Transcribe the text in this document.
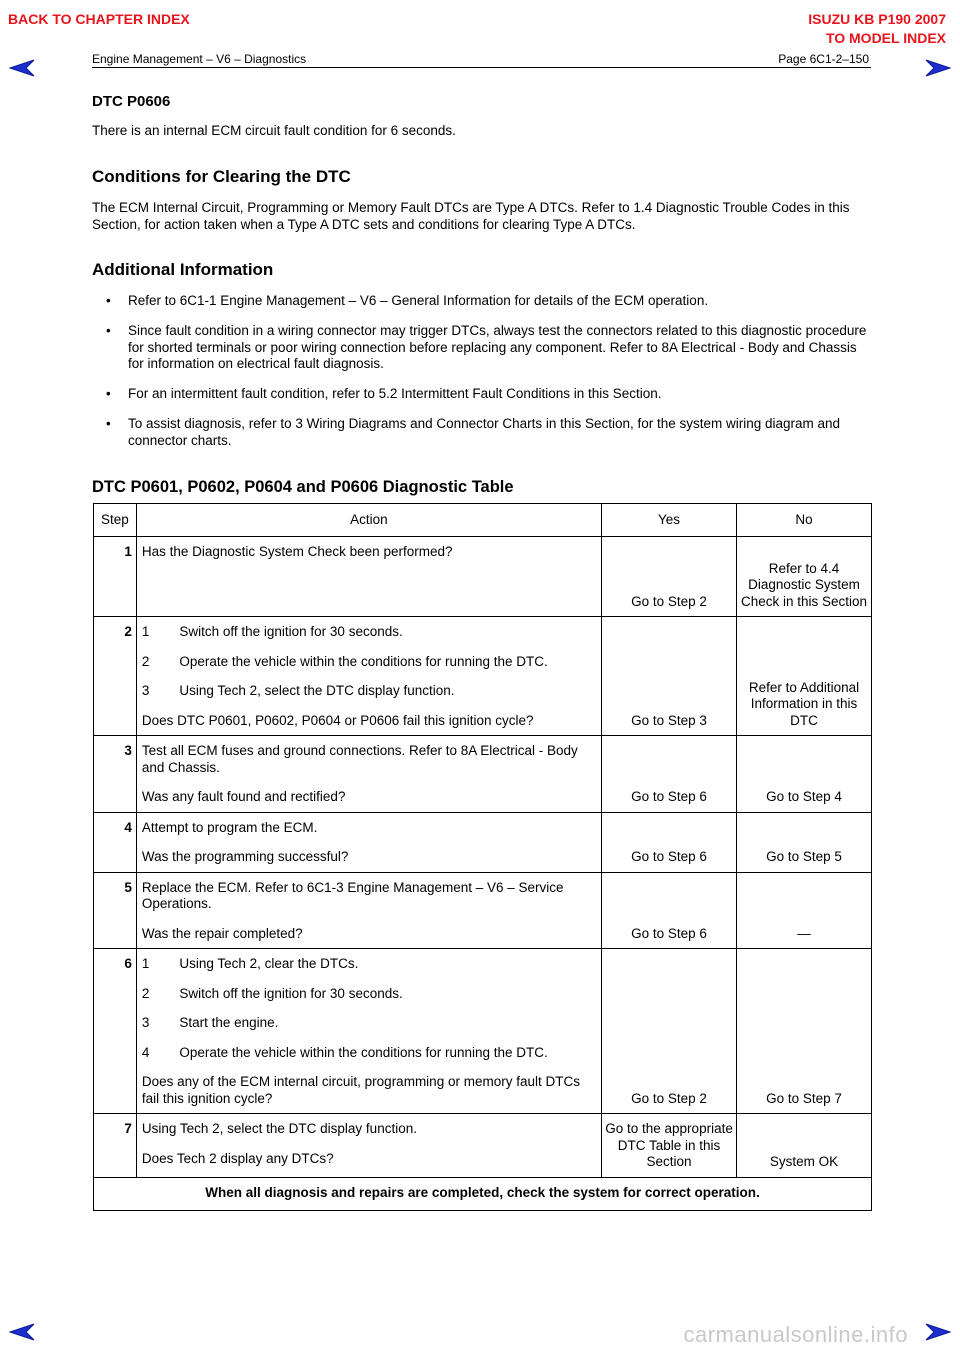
BACK TO CHAPTER INDEX	ISUZU KB P190 2007
TO MODEL INDEX
Engine Management – V6 – Diagnostics	Page 6C1-2–150
DTC P0606

There is an internal ECM circuit fault condition for 6 seconds.

Conditions for Clearing the DTC

The ECM Internal Circuit, Programming or Memory Fault DTCs are Type A DTCs. Refer to 1.4 Diagnostic Trouble Codes in this Section, for action taken when a Type A DTC sets and conditions for clearing Type A DTCs.

Additional Information
• Refer to 6C1-1 Engine Management – V6 – General Information for details of the ECM operation.
• Since fault condition in a wiring connector may trigger DTCs, always test the connectors related to this diagnostic procedure for shorted terminals or poor wiring connection before replacing any component. Refer to 8A Electrical - Body and Chassis for information on electrical fault diagnosis.
• For an intermittent fault condition, refer to 5.2 Intermittent Fault Conditions in this Section.
• To assist diagnosis, refer to 3 Wiring Diagrams and Connector Charts in this Section, for the system wiring diagram and connector charts.
DTC P0601, P0602, P0604 and P0606 Diagnostic Table
Step	Action	Yes	No
1	Has the Diagnostic System Check been performed?	Go to Step 2	Refer to 4.4 Diagnostic System Check in this Section
2	1        Switch off the ignition for 30 seconds.
2        Operate the vehicle within the conditions for running the DTC.
3        Using Tech 2, select the DTC display function.
Does DTC P0601, P0602, P0604 or P0606 fail this ignition cycle?	Go to Step 3	Refer to Additional Information in this DTC
3	Test all ECM fuses and ground connections. Refer to 8A Electrical - Body and Chassis.
Was any fault found and rectified?	Go to Step 6	Go to Step 4
4	Attempt to program the ECM.
Was the programming successful?	Go to Step 6	Go to Step 5
5	Replace the ECM. Refer to 6C1-3 Engine Management – V6 – Service Operations.
Was the repair completed?	Go to Step 6	—
6	1        Using Tech 2, clear the DTCs.
2        Switch off the ignition for 30 seconds.
3        Start the engine.
4        Operate the vehicle within the conditions for running the DTC.
Does any of the ECM internal circuit, programming or memory fault DTCs fail this ignition cycle?	Go to Step 2	Go to Step 7
7	Using Tech 2, select the DTC display function.
Does Tech 2 display any DTCs?	Go to the appropriate DTC Table in this Section	System OK
When all diagnosis and repairs are completed, check the system for correct operation.			
carmanualsonline.info
